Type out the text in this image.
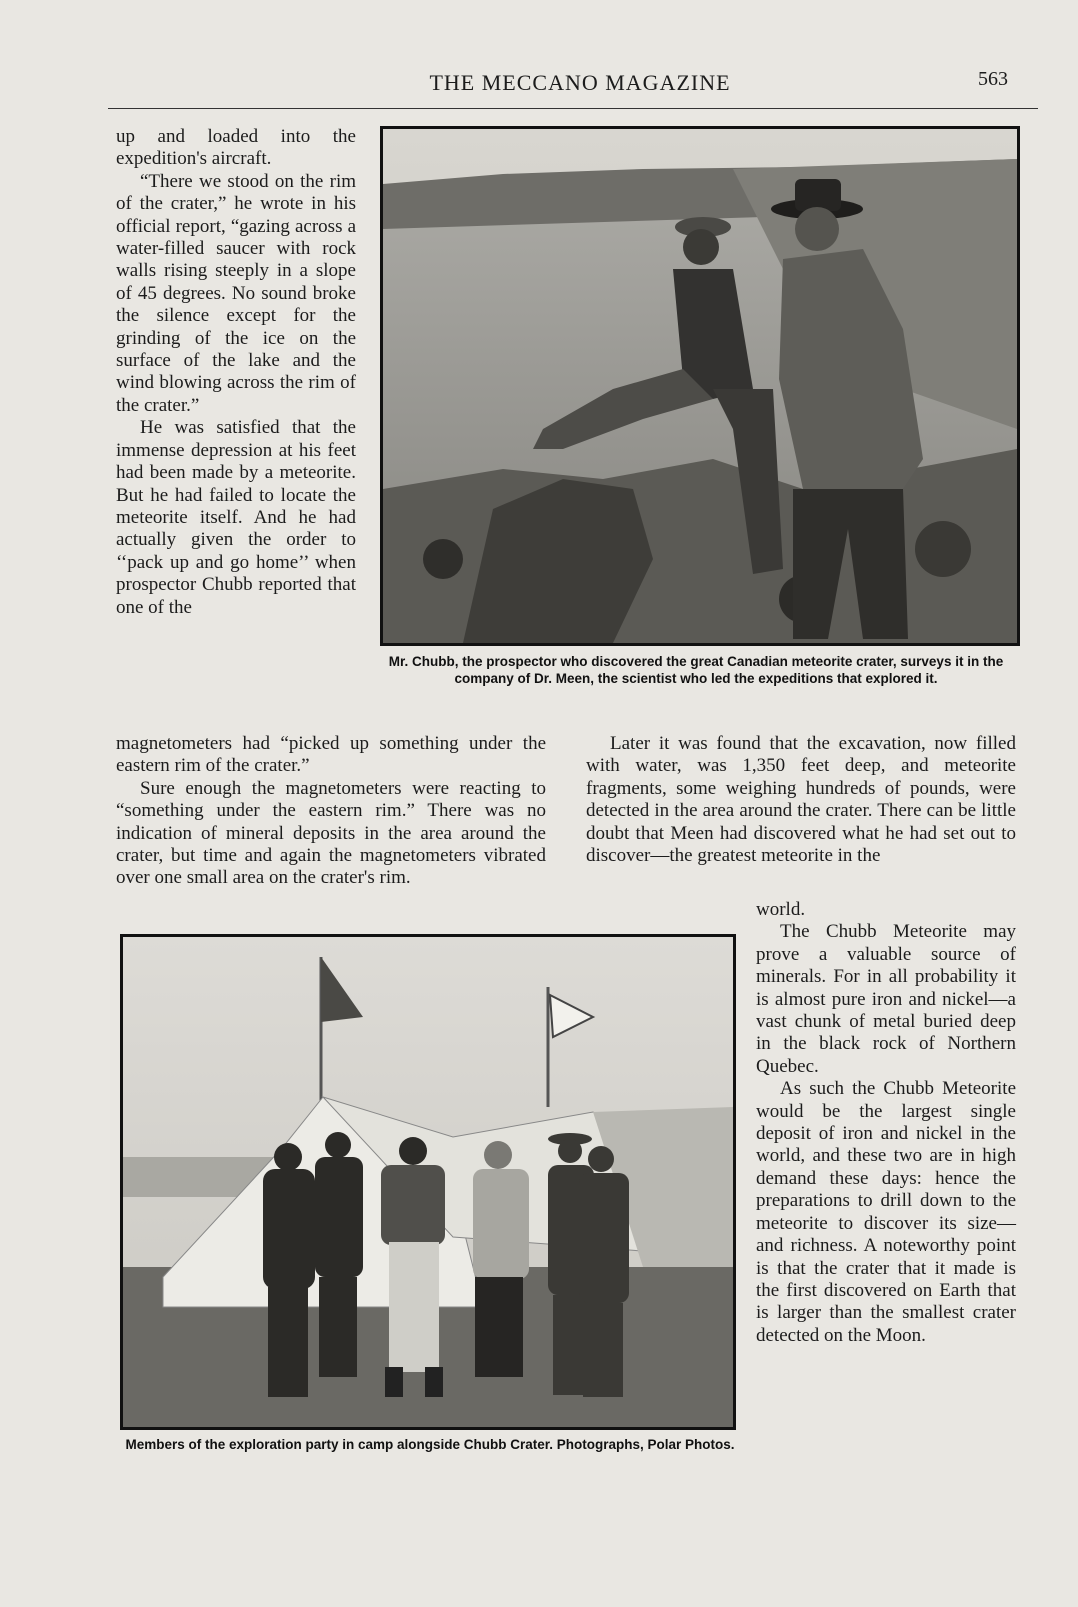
THE MECCANO MAGAZINE	563

up and loaded into the expedition's aircraft.

“There we stood on the rim of the crater,” he wrote in his official report, “gazing across a water-filled saucer with rock walls rising steeply in a slope of 45 degrees. No sound broke the silence except for the grinding of the ice on the surface of the lake and the wind blowing across the rim of the crater.”

He was satisfied that the immense depression at his feet had been made by a meteorite. But he had failed to locate the meteorite itself. And he had actually given the order to ‘‘pack up and go home’’ when prospector Chubb reported that one of the

Mr. Chubb, the prospector who discovered the great Canadian meteorite crater, surveys it in the company of Dr. Meen, the scientist who led the expeditions that explored it.

magnetometers had “picked up something under the eastern rim of the crater.”

Sure enough the magnetometers were reacting to “something under the eastern rim.” There was no indication of mineral deposits in the area around the crater, but time and again the magnetometers vibrated over one small area on the crater's rim.

Later it was found that the excavation, now filled with water, was 1,350 feet deep, and meteorite fragments, some weighing hundreds of pounds, were detected in the area around the crater. There can be little doubt that Meen had discovered what he had set out to discover—the greatest meteorite in the

Members of the exploration party in camp alongside Chubb Crater. Photographs, Polar Photos.

world.

The Chubb Meteorite may prove a valuable source of minerals. For in all probability it is almost pure iron and nickel—a vast chunk of metal buried deep in the black rock of Northern Quebec.

As such the Chubb Meteorite would be the largest single deposit of iron and nickel in the world, and these two are in high demand these days: hence the preparations to drill down to the meteorite to discover its size—and richness. A noteworthy point is that the crater that it made is the first discovered on Earth that is larger than the smallest crater detected on the Moon.
